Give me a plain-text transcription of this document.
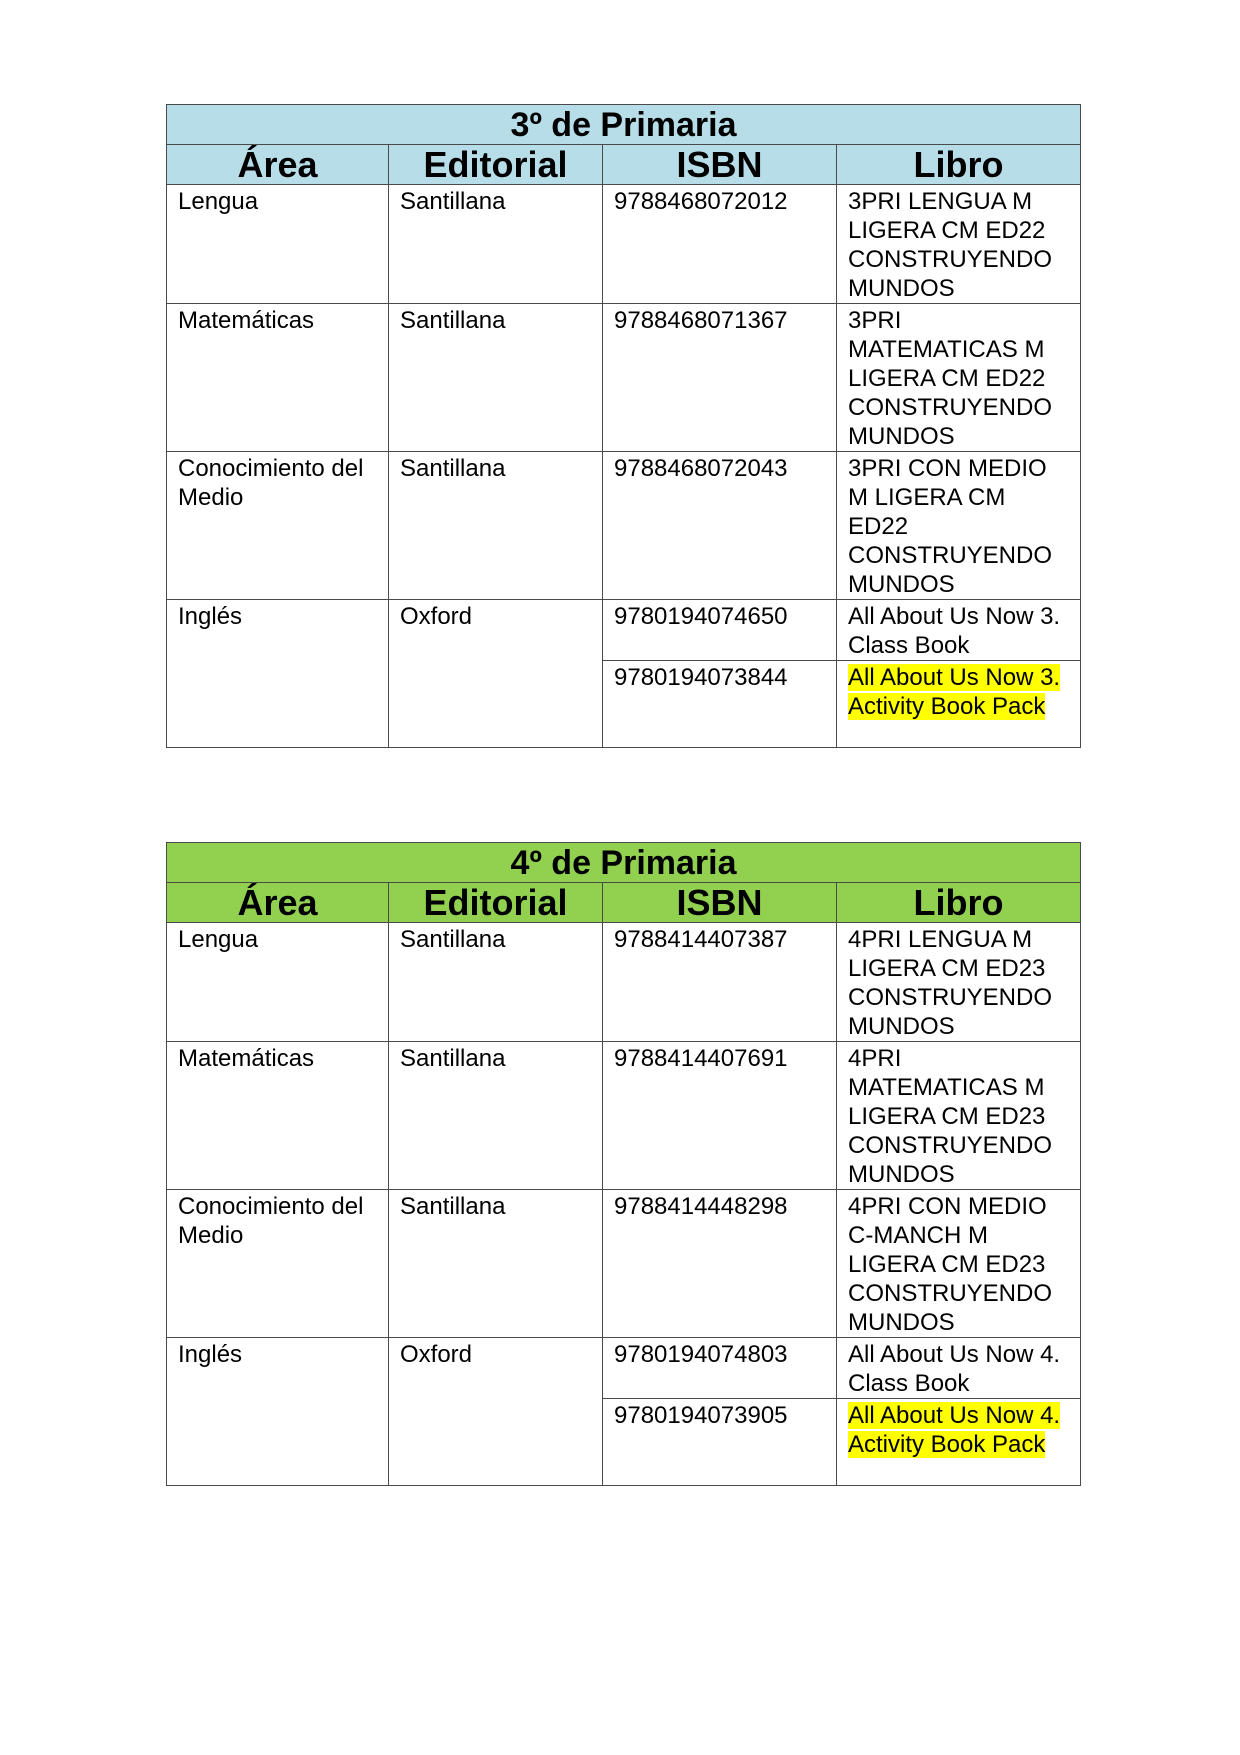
3º de Primaria			
Área	Editorial	ISBN	Libro
Lengua	Santillana	9788468072012	3PRI LENGUA M LIGERA CM ED22 CONSTRUYENDO MUNDOS
Matemáticas	Santillana	9788468071367	3PRI MATEMATICAS M LIGERA CM ED22 CONSTRUYENDO MUNDOS
Conocimiento del Medio	Santillana	9788468072043	3PRI CON MEDIO M LIGERA CM ED22 CONSTRUYENDO MUNDOS
Inglés	Oxford	9780194074650	All About Us Now 3. Class Book
		9780194073844	All About Us Now 3. Activity Book Pack
4º de Primaria			
Área	Editorial	ISBN	Libro
Lengua	Santillana	9788414407387	4PRI LENGUA M LIGERA CM ED23 CONSTRUYENDO MUNDOS
Matemáticas	Santillana	9788414407691	4PRI MATEMATICAS M LIGERA CM ED23 CONSTRUYENDO MUNDOS
Conocimiento del Medio	Santillana	9788414448298	4PRI CON MEDIO C-MANCH M LIGERA CM ED23 CONSTRUYENDO MUNDOS
Inglés	Oxford	9780194074803	All About Us Now 4. Class Book
		9780194073905	All About Us Now 4. Activity Book Pack
